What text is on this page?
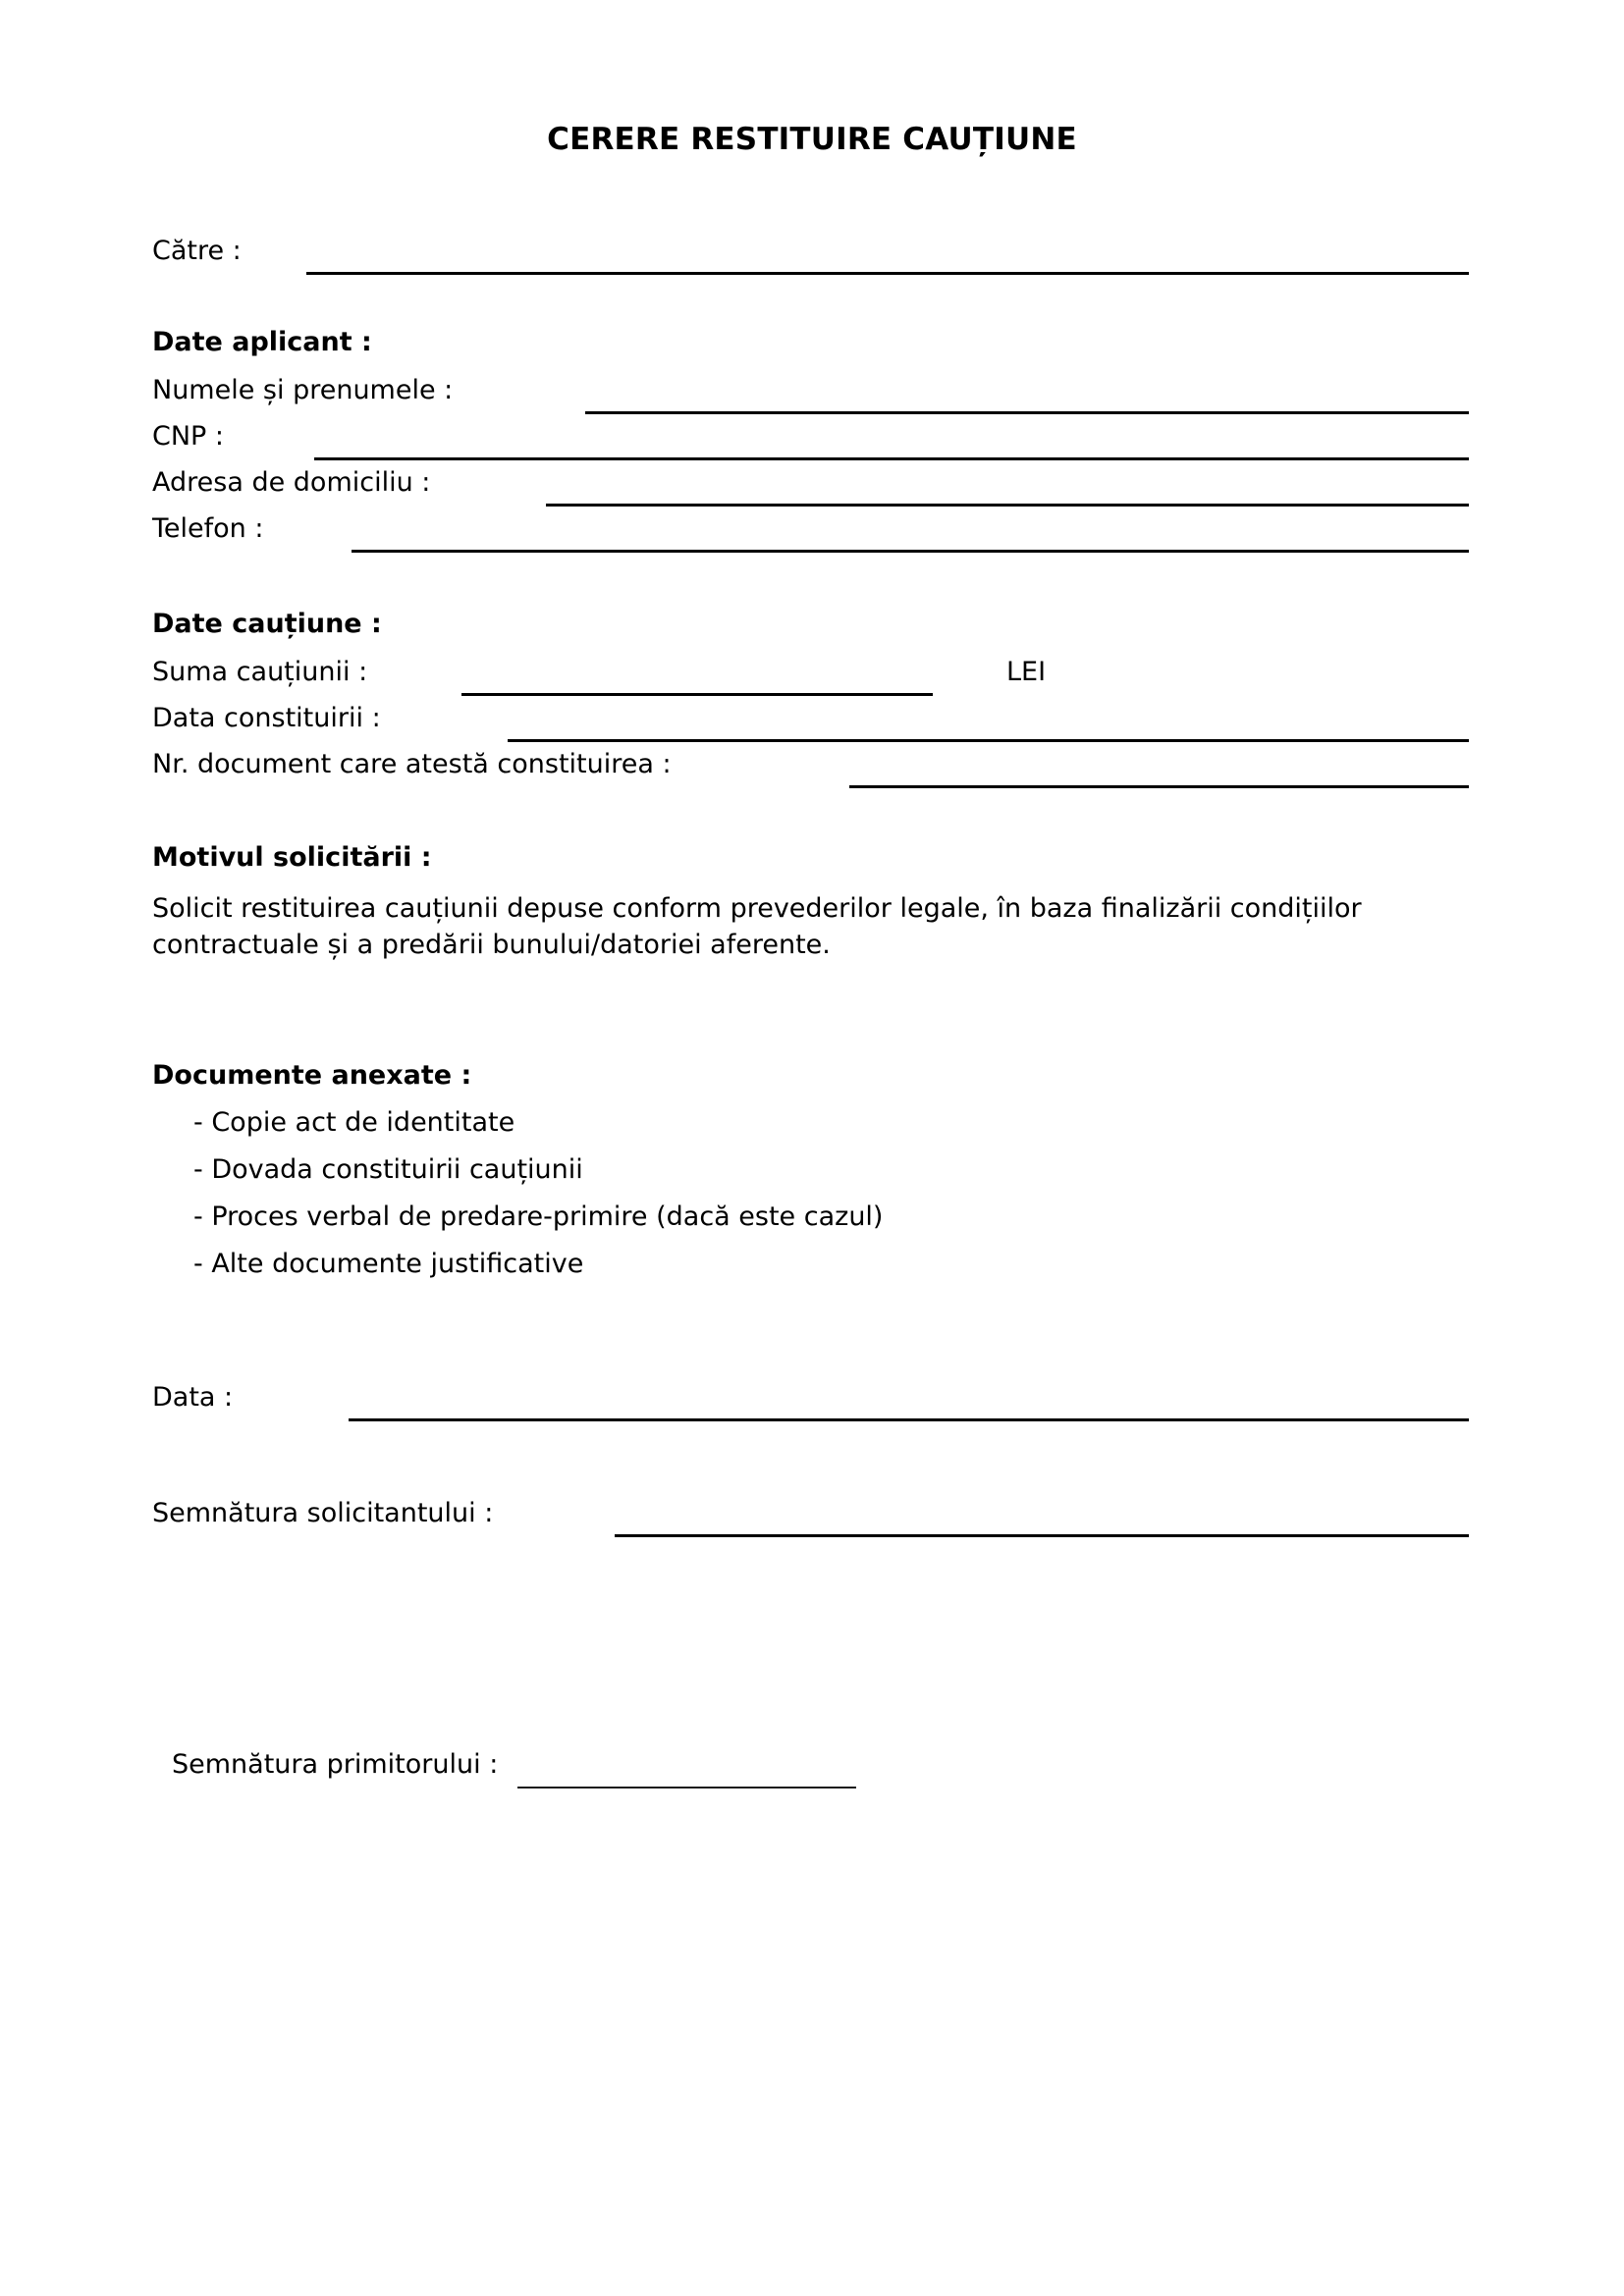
CERERE RESTITUIRE CAUȚIUNE
Către :
Date aplicant :
Numele și prenumele :
CNP :
Adresa de domiciliu :
Telefon :
Date cauțiune :
Suma cauțiunii :	LEI
Data constituirii :
Nr. document care atestă constituirea :
Motivul solicitării :
Solicit restituirea cauțiunii depuse conform prevederilor legale, în baza finalizării condițiilor
contractuale și a predării bunului/datoriei aferente.
Documente anexate :
- Copie act de identitate
- Dovada constituirii cauțiunii
- Proces verbal de predare-primire (dacă este cazul)
- Alte documente justificative
Data :
Semnătura solicitantului :
Semnătura primitorului :
